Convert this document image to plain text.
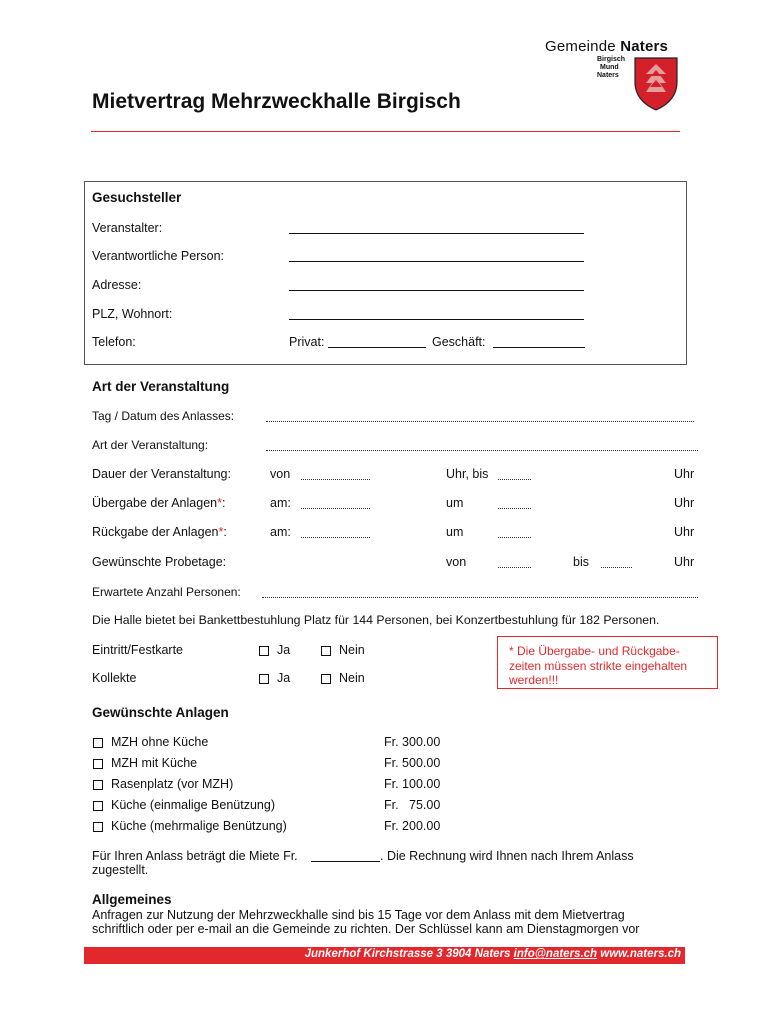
Gemeinde Naters
Birgisch
Mund
Naters
Mietvertrag Mehrzweckhalle Birgisch
Gesuchsteller
Veranstalter:
Verantwortliche Person:
Adresse:
PLZ, Wohnort:
Telefon:	Privat:	Geschäft:
Art der Veranstaltung
Tag / Datum des Anlasses:
Art der Veranstaltung:
Dauer der Veranstaltung:	von	Uhr, bis	Uhr
Übergabe der Anlagen*:	am:	um	Uhr
Rückgabe der Anlagen*:	am:	um	Uhr
Gewünschte Probetage:	von	bis	Uhr
Erwartete Anzahl Personen:
Die Halle bietet bei Bankettbestuhlung Platz für 144 Personen, bei Konzertbestuhlung für 182 Personen.
Eintritt/Festkarte	Ja	Nein
Kollekte	Ja	Nein
* Die Übergabe- und Rückgabe-
zeiten müssen strikte eingehalten
werden!!!
Gewünschte Anlagen
MZH ohne Küche	Fr. 300.00
MZH mit Küche	Fr. 500.00
Rasenplatz (vor MZH)	Fr. 100.00
Küche (einmalige Benützung)	Fr.   75.00
Küche (mehrmalige Benützung)	Fr. 200.00
Für Ihren Anlass beträgt die Miete Fr.	. Die Rechnung wird Ihnen nach Ihrem Anlass
zugestellt.
Allgemeines
Anfragen zur Nutzung der Mehrzweckhalle sind bis 15 Tage vor dem Anlass mit dem Mietvertrag
schriftlich oder per e-mail an die Gemeinde zu richten. Der Schlüssel kann am Dienstagmorgen vor
Junkerhof Kirchstrasse 3 3904 Naters info@naters.ch www.naters.ch
